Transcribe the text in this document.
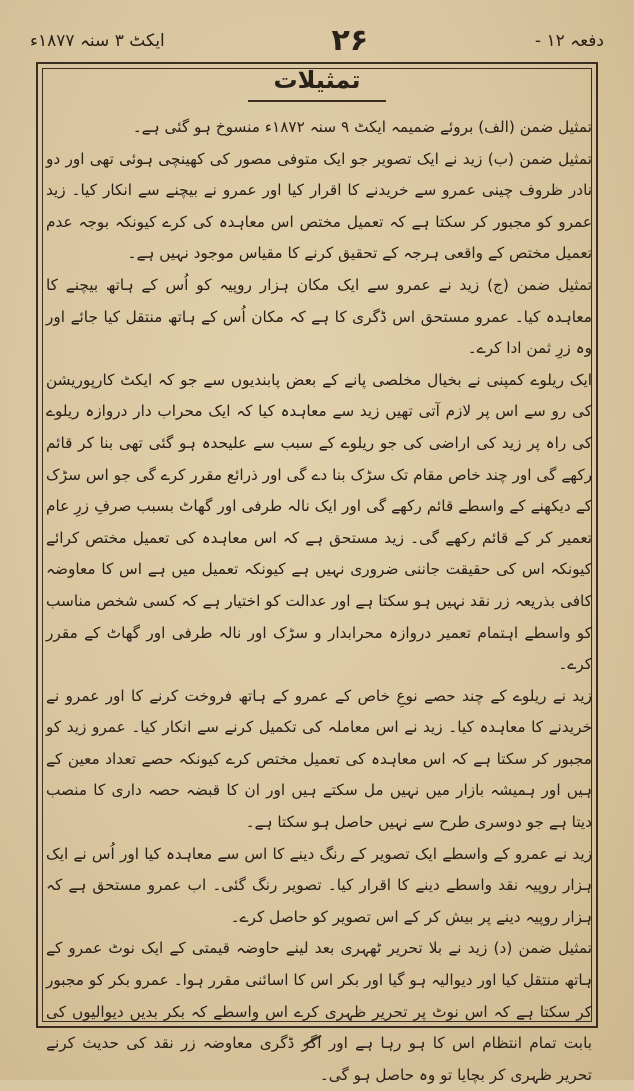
دفعہ ۱۲ -
۲۶
ایکٹ ۳ سنہ ۱۸۷۷ء
تمثیلات

تمثیل ضمن (الف) بروئے ضمیمہ ایکٹ ۹ سنہ ۱۸۷۲ء منسوخ ہو گئی ہے۔

تمثیل ضمن (ب) زید نے ایک تصویر جو ایک متوفی مصور کی کھینچی ہوئی تھی اور دو نادر ظروف چینی عمرو سے خریدنے کا اقرار کیا اور عمرو نے بیچنے سے انکار کیا۔ زید عمرو کو مجبور کر سکتا ہے کہ تعمیل مختص اس معاہدہ کی کرے کیونکہ بوجہ عدم تعمیل مختص کے واقعی ہرجہ کے تحقیق کرنے کا مقیاس موجود نہیں ہے۔

تمثیل ضمن (ج) زید نے عمرو سے ایک مکان ہزار روپیہ کو اُس کے ہاتھ بیچنے کا معاہدہ کیا۔ عمرو مستحق اس ڈگری کا ہے کہ مکان اُس کے ہاتھ منتقل کیا جائے اور وہ زرِ ثمن ادا کرے۔

ایک ریلوے کمپنی نے بخیال مخلصی پانے کے بعض پابندیوں سے جو کہ ایکٹ کارپوریشن کی رو سے اس پر لازم آتی تھیں زید سے معاہدہ کیا کہ ایک محراب دار دروازہ ریلوے کی راہ پر زید کی اراضی کی جو ریلوے کے سبب سے علیحدہ ہو گئی تھی بنا کر قائم رکھے گی اور چند خاص مقام تک سڑک بنا دے گی اور ذرائع مقرر کرے گی جو اس سڑک کے دیکھنے کے واسطے قائم رکھے گی اور ایک نالہ طرفی اور گھاٹ بسبب صرفِ زرِ عام تعمیر کر کے قائم رکھے گی۔ زید مستحق ہے کہ اس معاہدہ کی تعمیل مختص کرائے کیونکہ اس کی حقیقت جاننی ضروری نہیں ہے کیونکہ تعمیل میں ہے اس کا معاوضہ کافی بذریعہ زر نقد نہیں ہو سکتا ہے اور عدالت کو اختیار ہے کہ کسی شخص مناسب کو واسطے اہتمام تعمیر دروازہ محرابدار و سڑک اور نالہ طرفی اور گھاٹ کے مقرر کرے۔

زید نے ریلوے کے چند حصے نوعِ خاص کے عمرو کے ہاتھ فروخت کرنے کا اور عمرو نے خریدنے کا معاہدہ کیا۔ زید نے اس معاملہ کی تکمیل کرنے سے انکار کیا۔ عمرو زید کو مجبور کر سکتا ہے کہ اس معاہدہ کی تعمیل مختص کرے کیونکہ حصے تعداد معین کے ہیں اور ہمیشہ بازار میں نہیں مل سکتے ہیں اور ان کا قبضہ حصہ داری کا منصب دیتا ہے جو دوسری طرح سے نہیں حاصل ہو سکتا ہے۔

زید نے عمرو کے واسطے ایک تصویر کے رنگ دینے کا اس سے معاہدہ کیا اور اُس نے ایک ہزار روپیہ نقد واسطے دینے کا اقرار کیا۔ تصویر رنگ گئی۔ اب عمرو مستحق ہے کہ ہزار روپیہ دینے پر بیش کر کے اس تصویر کو حاصل کرے۔

تمثیل ضمن (د) زید نے بلا تحریر ٹھہری بعد لینے حاوضہ قیمتی کے ایک نوٹ عمرو کے ہاتھ منتقل کیا اور دیوالیہ ہو گیا اور بکر اس کا اسائنی مقرر ہوا۔ عمرو بکر کو مجبور کر سکتا ہے کہ اس نوٹ پر تحریر ظہری کرے اس واسطے کہ بکر بدیں دیوالیوں کی بابت تمام انتظام اس کا ہو رہا ہے اور اگر ڈگری معاوضہ زر نقد کی حدیث کرنے تحریر ظہری کر بچایا تو وہ حاصل ہو گی۔
